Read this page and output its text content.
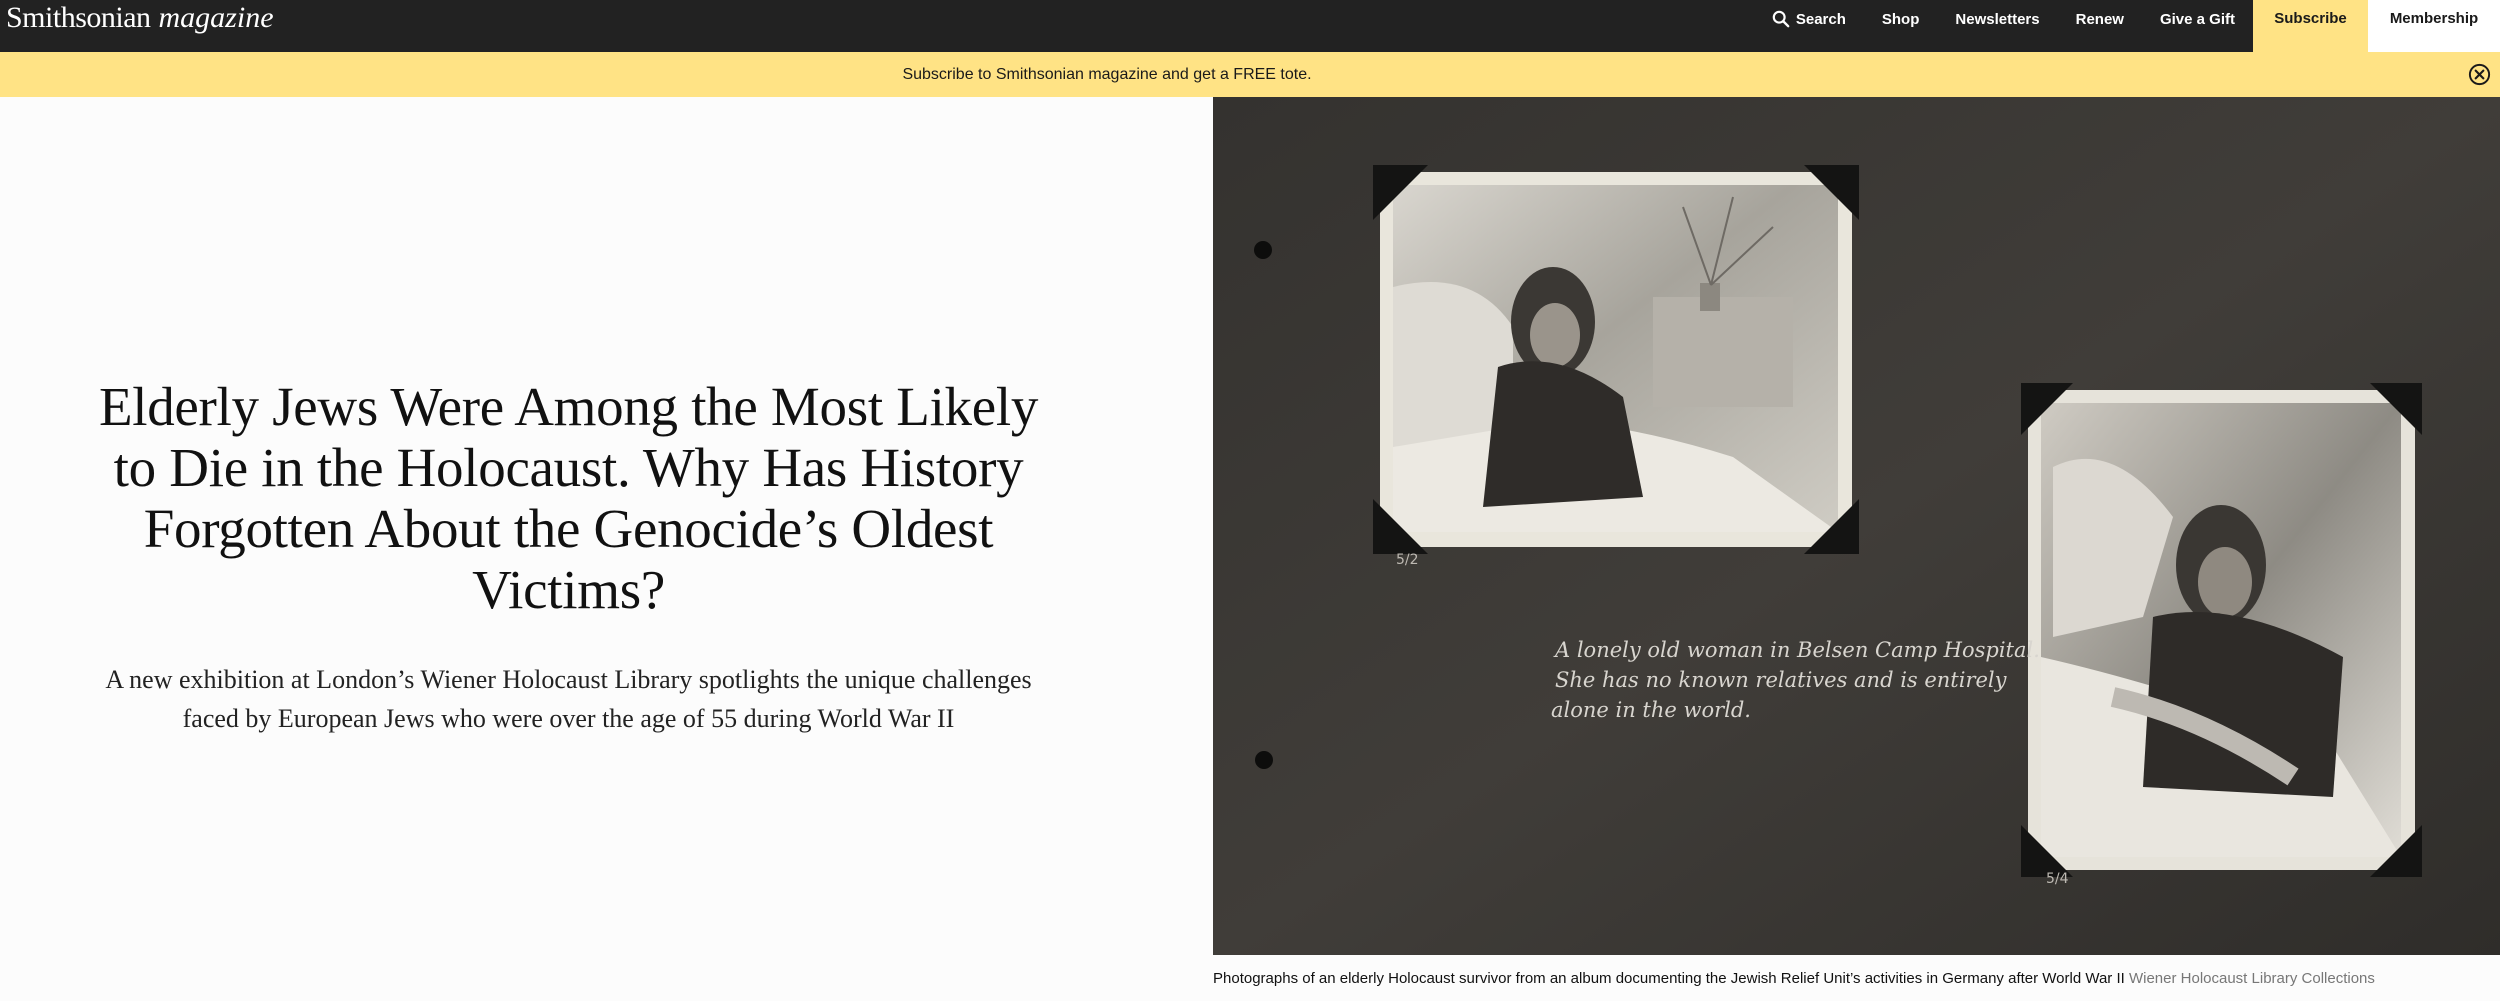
Smithsonian magazine	Search	Shop	Newsletters	Renew	Give a Gift	Subscribe	Membership
Subscribe to Smithsonian magazine and get a FREE tote.
Elderly Jews Were Among the Most Likely to Die in the Holocaust. Why Has History Forgotten About the Genocide’s Oldest Victims?

A new exhibition at London’s Wiener Holocaust Library spotlights the unique challenges faced by European Jews who were over the age of 55 during World War II

A lonely old woman in Belsen Camp Hospital.
She has no known relatives and is entirely
alone in the world.
5/2
5/4
Photographs of an elderly Holocaust survivor from an album documenting the Jewish Relief Unit’s activities in Germany after World War II Wiener Holocaust Library Collections
